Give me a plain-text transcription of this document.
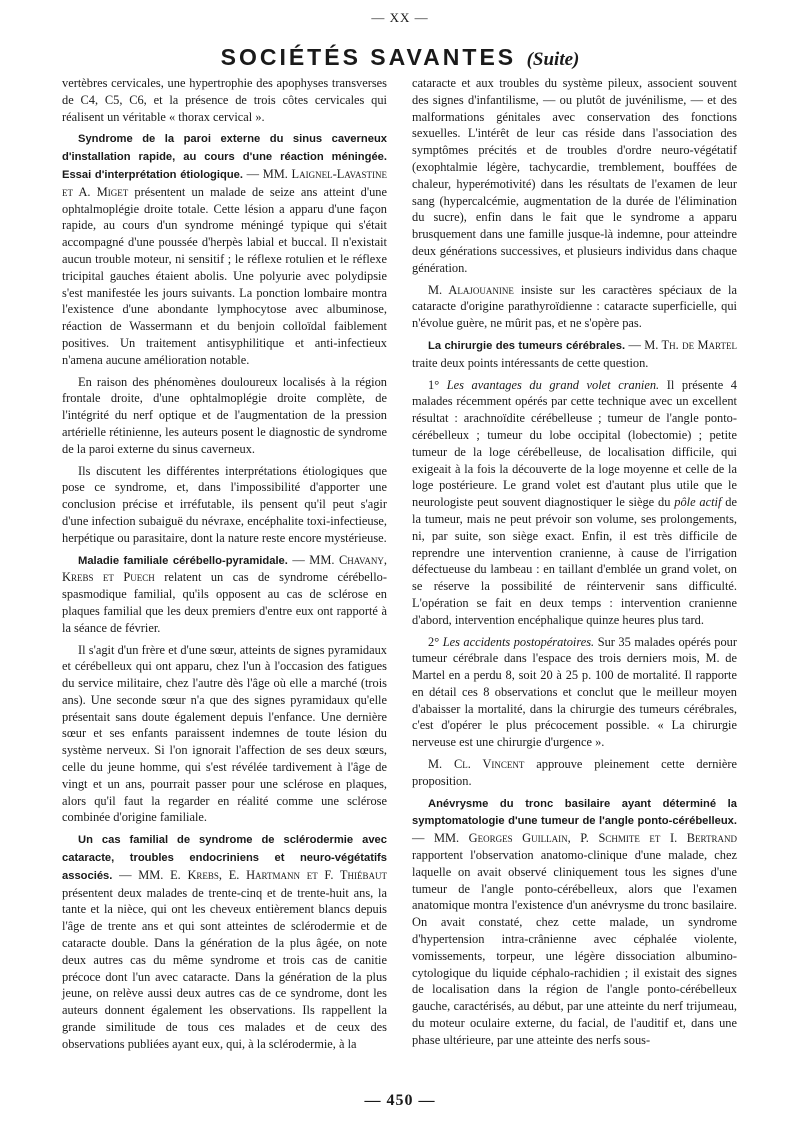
— XX —
SOCIÉTÉS SAVANTES (Suite)

vertèbres cervicales, une hypertrophie des apophyses transverses de C4, C5, C6, et la présence de trois côtes cervicales qui réalisent un véritable « thorax cervical ».

Syndrome de la paroi externe du sinus caverneux d'installation rapide, au cours d'une réaction méningée. Essai d'interprétation étiologique. — MM. Laignel-Lavastine et A. Miget présentent un malade de seize ans atteint d'une ophtalmoplégie droite totale. Cette lésion a apparu d'une façon rapide, au cours d'un syndrome méningé typique qui s'était accompagné d'une poussée d'herpès labial et buccal. Il n'existait aucun trouble moteur, ni sensitif ; le réflexe rotulien et le réflexe tricipital gauches étaient abolis. Une polyurie avec polydipsie s'est manifestée les jours suivants. La ponction lombaire montra l'existence d'une abondante lymphocytose avec albuminose, réaction de Wassermann et du benjoin colloïdal faiblement positives. Un traitement antisyphilitique et anti-infectieux n'amena aucune amélioration notable.

En raison des phénomènes douloureux localisés à la région frontale droite, d'une ophtalmoplégie droite complète, de l'intégrité du nerf optique et de l'augmentation de la pression artérielle rétinienne, les auteurs posent le diagnostic de syndrome de la paroi externe du sinus caverneux.

Ils discutent les différentes interprétations étiologiques que pose ce syndrome, et, dans l'impossibilité d'apporter une conclusion précise et irréfutable, ils pensent qu'il peut s'agir d'une infection subaiguë du névraxe, encéphalite toxi-infectieuse, herpétique ou parasitaire, dont la nature reste encore mystérieuse.

Maladie familiale cérébello-pyramidale. — MM. Chavany, Krebs et Puech relatent un cas de syndrome cérébello-spasmodique familial, qu'ils opposent au cas de sclérose en plaques familial que les deux premiers d'entre eux ont rapporté à la séance de février.

Il s'agit d'un frère et d'une sœur, atteints de signes pyramidaux et cérébelleux qui ont apparu, chez l'un à l'occasion des fatigues du service militaire, chez l'autre dès l'âge où elle a marché (trois ans). Une seconde sœur n'a que des signes pyramidaux qu'elle présentait sans doute également depuis l'enfance. Une dernière sœur et ses enfants paraissent indemnes de toute lésion du système nerveux. Si l'on ignorait l'affection de ses deux sœurs, celle du jeune homme, qui s'est révélée tardivement à l'âge de vingt et un ans, pourrait passer pour une sclérose en plaques, alors qu'il faut la regarder en réalité comme une sclérose combinée d'origine familiale.

Un cas familial de syndrome de sclérodermie avec cataracte, troubles endocriniens et neuro-végétatifs associés. — MM. E. Krebs, E. Hartmann et F. Thiébaut présentent deux malades de trente-cinq et de trente-huit ans, la tante et la nièce, qui ont les cheveux entièrement blancs depuis l'âge de trente ans et qui sont atteintes de sclérodermie et de cataracte double. Dans la génération de la plus âgée, on note deux autres cas du même syndrome et trois cas de canitie précoce dont l'un avec cataracte. Dans la génération de la plus jeune, on relève aussi deux autres cas de ce syndrome, dont les auteurs donnent également les observations. Ils rappellent la grande similitude de tous ces malades et de ceux des observations publiées ayant eux, qui, à la sclérodermie, à la

cataracte et aux troubles du système pileux, associent souvent des signes d'infantilisme, — ou plutôt de juvénilisme, — et des malformations génitales avec conservation des fonctions sexuelles. L'intérêt de leur cas réside dans l'association des symptômes précités et de troubles d'ordre neuro-végétatif (exophtalmie légère, tachycardie, tremblement, bouffées de chaleur, hyperémotivité) dans les résultats de l'examen de leur sang (hypercalcémie, augmentation de la durée de l'élimination du sucre), enfin dans le fait que le syndrome a apparu brusquement dans une famille jusque-là indemne, pour atteindre deux générations successives, et plusieurs individus dans chaque génération.

M. Alajouanine insiste sur les caractères spéciaux de la cataracte d'origine parathyroïdienne : cataracte superficielle, qui n'évolue guère, ne mûrit pas, et ne s'opère pas.

La chirurgie des tumeurs cérébrales. — M. Th. de Martel traite deux points intéressants de cette question.

1° Les avantages du grand volet cranien. Il présente 4 malades récemment opérés par cette technique avec un excellent résultat : arachnoïdite cérébelleuse ; tumeur de l'angle ponto-cérébelleux ; tumeur du lobe occipital (lobectomie) ; petite tumeur de la loge cérébelleuse, de localisation difficile, qui exigeait à la fois la découverte de la loge moyenne et celle de la loge postérieure. Le grand volet est d'autant plus utile que le neurologiste peut souvent diagnostiquer le siège du pôle actif de la tumeur, mais ne peut prévoir son volume, ses prolongements, ni, par suite, son siège exact. Enfin, il est très difficile de reprendre une intervention cranienne, à cause de l'irrigation défectueuse du lambeau : en taillant d'emblée un grand volet, on se réserve la possibilité de réintervenir sans difficulté. L'opération se fait en deux temps : intervention cranienne d'abord, intervention encéphalique quinze heures plus tard.

2° Les accidents postopératoires. Sur 35 malades opérés pour tumeur cérébrale dans l'espace des trois derniers mois, M. de Martel en a perdu 8, soit 20 à 25 p. 100 de mortalité. Il rapporte en détail ces 8 observations et conclut que le meilleur moyen d'abaisser la mortalité, dans la chirurgie des tumeurs cérébrales, c'est d'opérer le plus précocement possible. « La chirurgie nerveuse est une chirurgie d'urgence ».

M. Cl. Vincent approuve pleinement cette dernière proposition.

Anévrysme du tronc basilaire ayant déterminé la symptomatologie d'une tumeur de l'angle ponto-cérébelleux. — MM. Georges Guillain, P. Schmite et I. Bertrand rapportent l'observation anatomo-clinique d'une malade, chez laquelle on avait observé cliniquement tous les signes d'une tumeur de l'angle ponto-cérébelleux, alors que l'examen anatomique montra l'existence d'un anévrysme du tronc basilaire. On avait constaté, chez cette malade, un syndrome d'hypertension intra-crânienne avec céphalée violente, vomissements, torpeur, une légère dissociation albumino-cytologique du liquide céphalo-rachidien ; il existait des signes de localisation dans la région de l'angle ponto-cérébelleux gauche, caractérisés, au début, par une atteinte du nerf trijumeau, du moteur oculaire externe, du facial, de l'auditif et, dans une phase ultérieure, par une atteinte des nerfs sous-

— 450 —
